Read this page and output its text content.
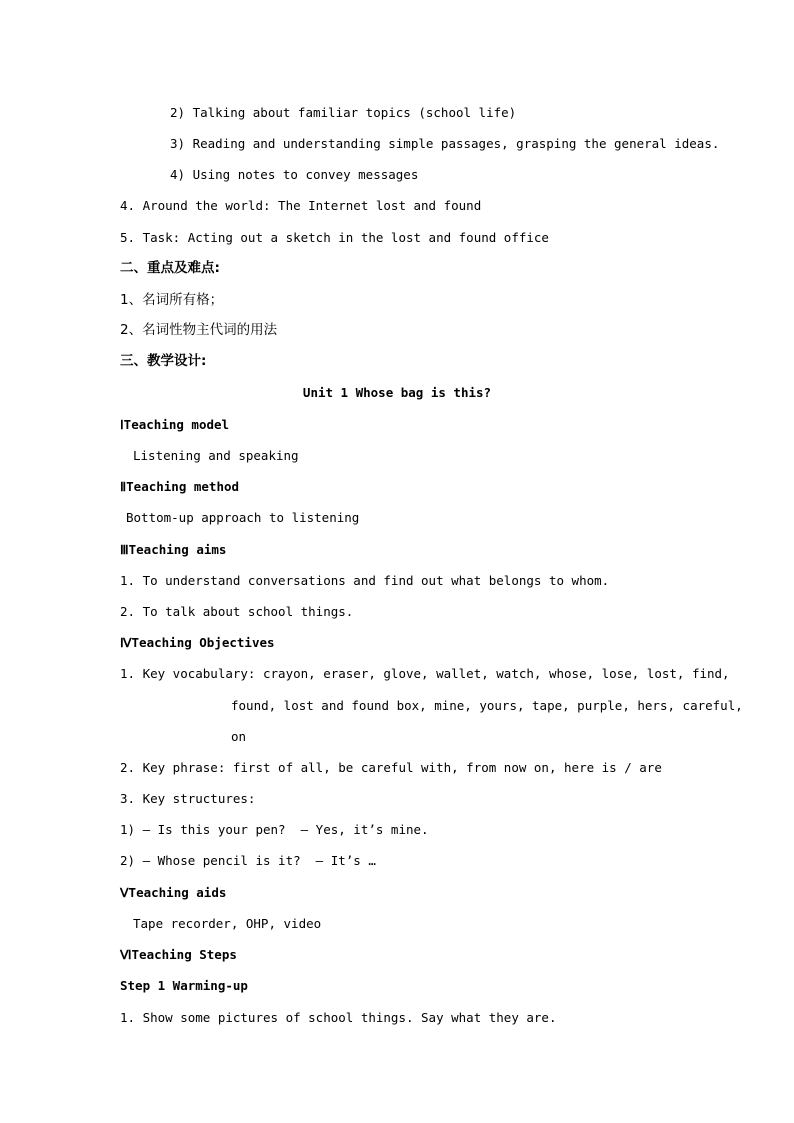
2) Talking about familiar topics (school life)
3) Reading and understanding simple passages, grasping the general ideas.
4) Using notes to convey messages
4. Around the world: The Internet lost and found
5. Task: Acting out a sketch in the lost and found office
二、重点及难点:
1、名词所有格；
2、名词性物主代词的用法
三、教学设计:
Unit 1 Whose bag is this?
ⅠTeaching model
Listening and speaking
ⅡTeaching method
Bottom-up approach to listening
ⅢTeaching aims
1. To understand conversations and find out what belongs to whom.
2. To talk about school things.
ⅣTeaching Objectives
1. Key vocabulary: crayon, eraser, glove, wallet, watch, whose, lose, lost, find,
found, lost and found box, mine, yours, tape, purple, hers, careful,
on
2. Key phrase: first of all, be careful with, from now on, here is / are
3. Key structures:
1) — Is this your pen?  — Yes, it’s mine.
2) — Whose pencil is it?  — It’s …
ⅤTeaching aids
Tape recorder, OHP, video
ⅥTeaching Steps
Step 1 Warming-up
1. Show some pictures of school things. Say what they are.
